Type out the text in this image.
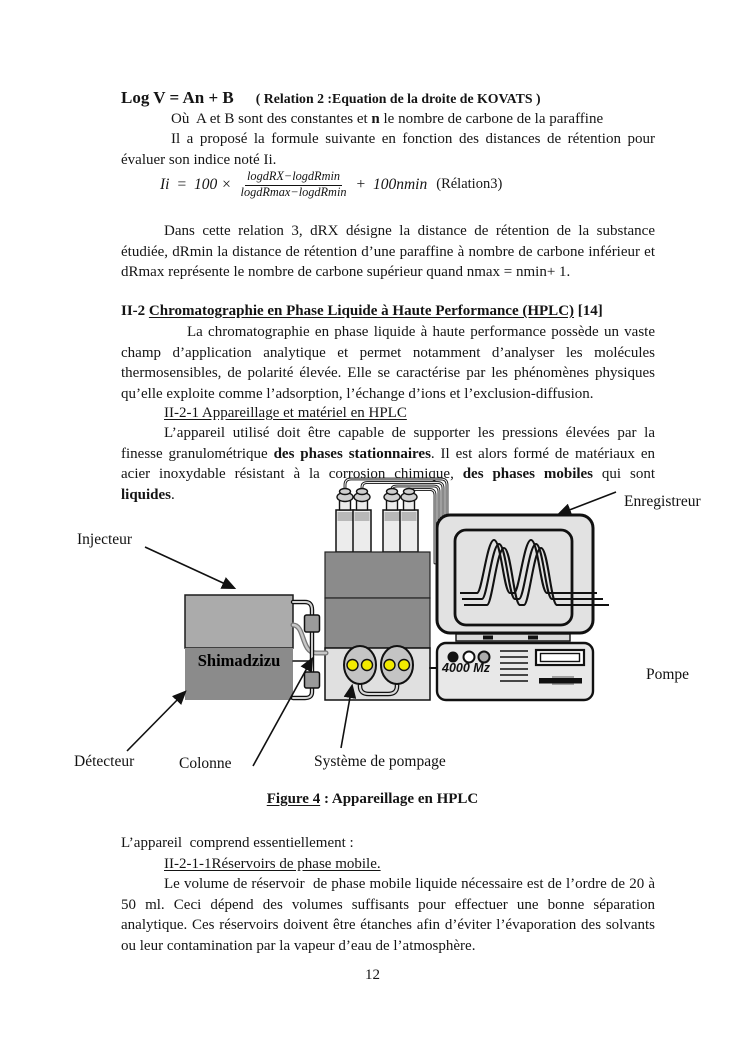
Log V = An + B ( Relation 2 :Equation de la droite de KOVATS )
Où  A et B sont des constantes et n le nombre de carbone de la paraffine
Il a proposé la formule suivante en fonction des distances de rétention pour évaluer son indice noté Ii.
$Ii = 100 \times \frac{\text{logdRX−logdRmin}}{\text{logdRmax−logdRmin}} + 100nmin$ (Rélation3)
Dans cette relation 3, dRX désigne la distance de rétention de la substance étudiée, dRmin la distance de rétention d’une paraffine à nombre de carbone inférieur et dRmax représente le nombre de carbone supérieur quand nmax = nmin+ 1.
II-2 Chromatographie en Phase Liquide à Haute Performance (HPLC) [14]
La chromatographie en phase liquide à haute performance possède un vaste champ d’application analytique et permet notamment d’analyser les molécules thermosensibles, de polarité élevée. Elle se caractérise par les phénomènes physiques qu’elle exploite comme l’adsorption, l’échange d’ions et l’exclusion-diffusion.
II-2-1 Appareillage et matériel en HPLC
L’appareil utilisé doit être capable de supporter les pressions élevées par la finesse granulométrique des phases stationnaires. Il est alors formé de matériaux en acier inoxydable résistant à la corrosion chimique, des phases mobiles qui sont liquides.
Injecteur
Enregistreur
Pompe
Détecteur	Colonne	Système de pompage
Shimadzizu	4000 Mz
Figure 4 : Appareillage en HPLC
L’appareil  comprend essentiellement :
II-2-1-1Réservoirs de phase mobile.
Le volume de réservoir  de phase mobile liquide nécessaire est de l’ordre de 20 à 50 ml. Ceci dépend des volumes suffisants pour effectuer une bonne séparation analytique. Ces réservoirs doivent être étanches afin d’éviter l’évaporation des solvants ou leur contamination par la vapeur d’eau de l’atmosphère.
12
